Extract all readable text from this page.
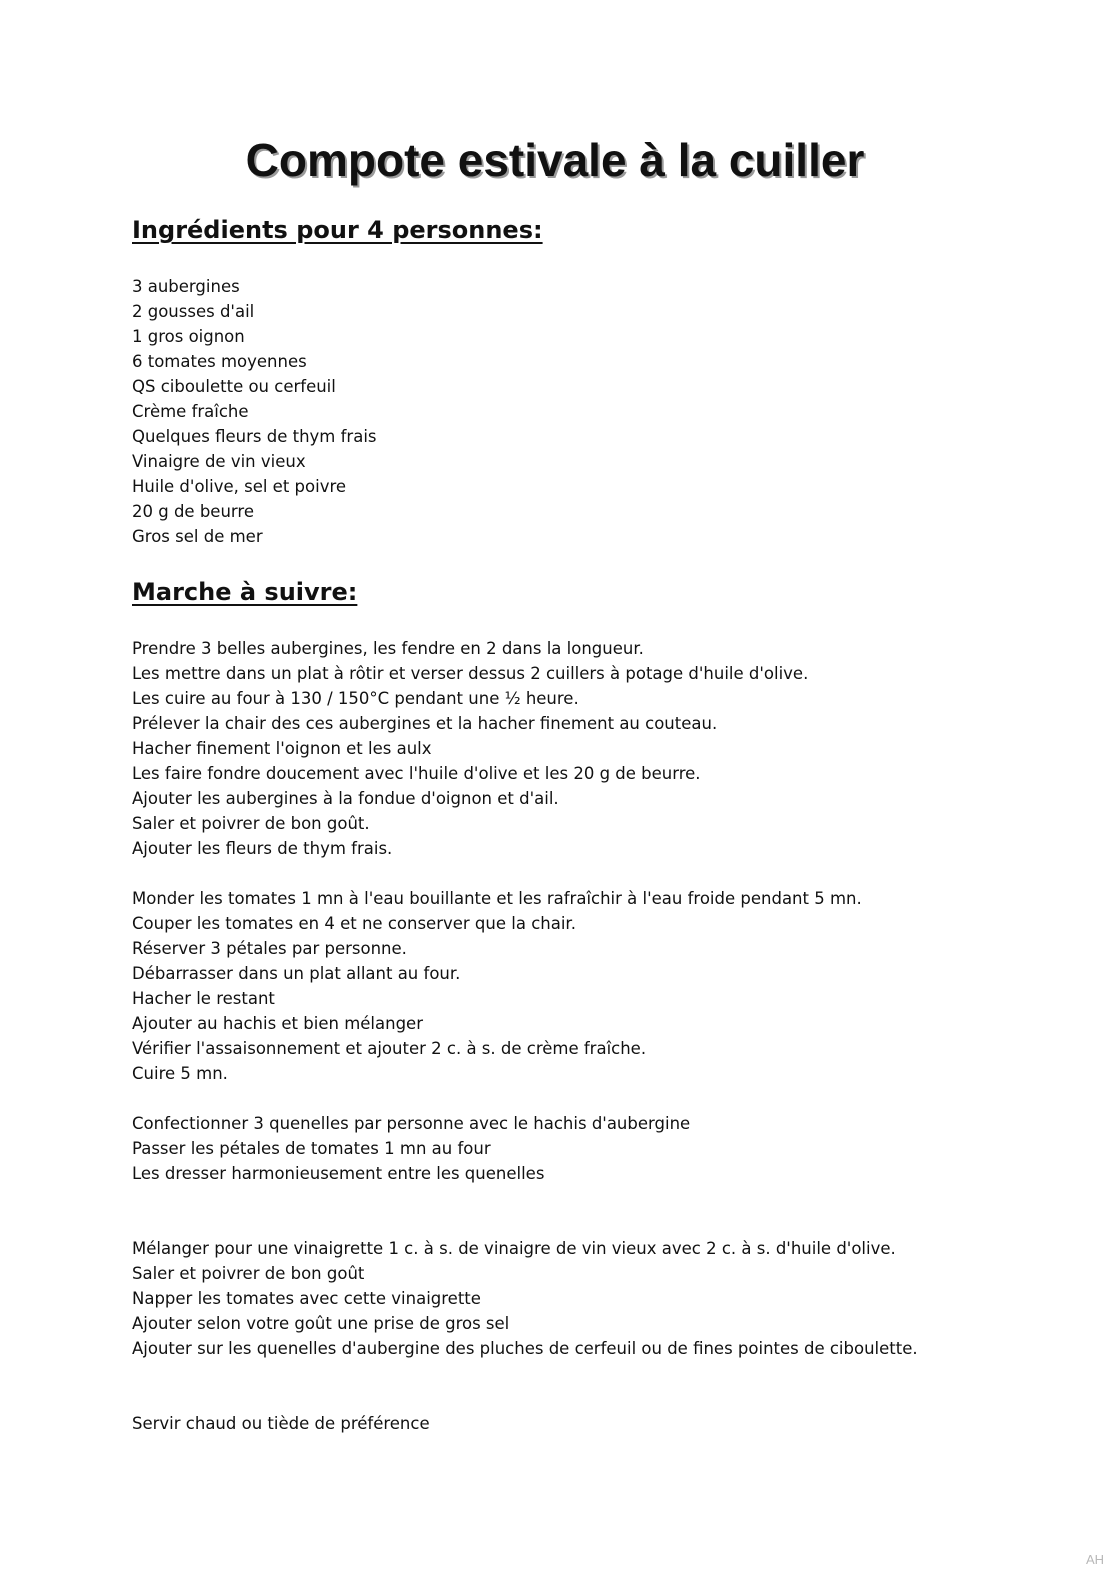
Compote estivale à la cuiller
Ingrédients pour 4 personnes:
3 aubergines
2 gousses d'ail
1 gros oignon
6 tomates moyennes
QS ciboulette ou cerfeuil
Crème fraîche
Quelques fleurs de thym frais
Vinaigre de vin vieux
Huile d'olive, sel et poivre
20 g de beurre
Gros sel de mer
Marche à suivre:
Prendre 3 belles aubergines, les fendre en 2 dans la longueur.
Les mettre dans un plat à rôtir et verser dessus 2 cuillers à potage d'huile d'olive.
Les cuire au four à 130 / 150°C pendant une ½ heure.
Prélever la chair des ces aubergines et la hacher finement au couteau.
Hacher finement l'oignon et les aulx
Les faire fondre doucement avec l'huile d'olive et les 20 g de beurre.
Ajouter les aubergines à la fondue d'oignon et d'ail.
Saler et poivrer de bon goût.
Ajouter les fleurs de thym frais.
Monder les tomates 1 mn à l'eau bouillante et les rafraîchir à l'eau froide pendant 5 mn.
Couper les tomates en 4 et ne conserver que la chair.
Réserver 3 pétales par personne.
Débarrasser dans un plat allant au four.
Hacher le restant
Ajouter au hachis et bien mélanger
Vérifier l'assaisonnement et ajouter 2 c. à s. de crème fraîche.
Cuire 5 mn.
Confectionner 3 quenelles par personne avec le hachis d'aubergine
Passer les pétales de tomates 1 mn au four
Les dresser harmonieusement entre les quenelles
Mélanger pour une vinaigrette 1 c. à s. de vinaigre de vin vieux avec 2 c. à s. d'huile d'olive.
Saler et poivrer de bon goût
Napper les tomates avec cette vinaigrette
Ajouter selon votre goût une prise de gros sel
Ajouter sur les quenelles d'aubergine des pluches de cerfeuil ou de fines pointes de ciboulette.
Servir chaud ou tiède de préférence
AH
